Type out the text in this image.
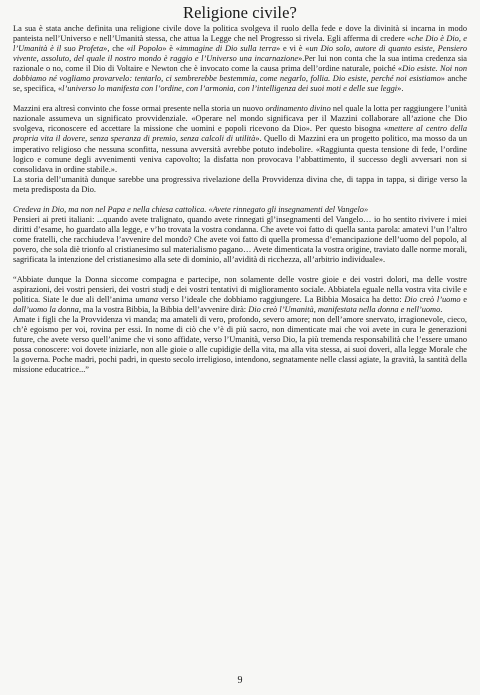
Religione civile?

La sua è stata anche definita una religione civile dove la politica svolgeva il ruolo della fede e dove la divinità si incarna in modo panteista nell’Universo e nell’Umanità stessa, che attua la Legge che nel Progresso si rivela. Egli afferma di credere «che Dio è Dio, e l’Umanità è il suo Profeta», che «il Popolo» è «immagine di Dio sulla terra» e vi è «un Dio solo, autore di quanto esiste, Pensiero vivente, assoluto, del quale il nostro mondo è raggio e l’Universo una incarnazione».Per lui non conta che la sua intima credenza sia razionale o no, come il Dio di Voltaire e Newton che è invocato come la causa prima dell’ordine naturale, poiché «Dio esiste. Noi non dobbiamo né vogliamo provarvelo: tentarlo, ci sembrerebbe bestemmia, come negarlo, follia. Dio esiste, perché noi esistiamo» anche se, specifica, «l’universo lo manifesta con l’ordine, con l’armonia, con l’intelligenza dei suoi moti e delle sue leggi».

Mazzini era altresì convinto che fosse ormai presente nella storia un nuovo ordinamento divino nel quale la lotta per raggiungere l’unità nazionale assumeva un significato provvidenziale. «Operare nel mondo significava per il Mazzini collaborare all’azione che Dio svolgeva, riconoscere ed accettare la missione che uomini e popoli ricevono da Dio». Per questo bisogna «mettere al centro della propria vita il dovere, senza speranza di premio, senza calcoli di utilità». Quello di Mazzini era un progetto politico, ma mosso da un imperativo religioso che nessuna sconfitta, nessuna avversità avrebbe potuto indebolire. «Raggiunta questa tensione di fede, l’ordine logico e comune degli avvenimenti veniva capovolto; la disfatta non provocava l’abbattimento, il successo degli avversari non si consolidava in ordine stabile.».

La storia dell’umanità dunque sarebbe una progressiva rivelazione della Provvidenza divina che, di tappa in tappa, si dirige verso la meta predisposta da Dio.

Credeva in Dio, ma non nel Papa e nella chiesa cattolica. «Avete rinnegato gli insegnamenti del Vangelo»

Pensieri ai preti italiani: ...quando avete tralignato, quando avete rinnegati gl’insegnamenti del Vangelo… io ho sentito rivivere i miei diritti d’esame, ho guardato alla legge, e v’ho trovata la vostra condanna. Che avete voi fatto di quella santa parola: amatevi l’un l’altro come fratelli, che racchiudeva l’avvenire del mondo? Che avete voi fatto di quella promessa d’emancipazione dell’uomo del popolo, al povero, che sola diè trionfo al cristianesimo sul materialismo pagano… Avete dimenticata la vostra origine, traviato dalle norme morali, sagrificata la intenzione del cristianesimo alla sete di dominio, all’avidità di ricchezza, all’arbitrio individuale».

“Abbiate dunque la Donna siccome compagna e partecipe, non solamente delle vostre gioie e dei vostri dolori, ma delle vostre aspirazioni, dei vostri pensieri, dei vostri studj e dei vostri tentativi di miglioramento sociale. Abbiatela eguale nella vostra vita civile e politica. Siate le due ali dell’anima umana verso l’ideale che dobbiamo raggiungere. La Bibbia Mosaica ha detto: Dio creò l’uomo e dall’uomo la donna, ma la vostra Bibbia, la Bibbia dell’avvenire dirà: Dio creò l’Umanità, manifestata nella donna e nell’uomo.

Amate i figli che la Provvidenza vi manda; ma amateli di vero, profondo, severo amore; non dell’amore snervato, irragionevole, cieco, ch’è egoismo per voi, rovina per essi. In nome di ciò che v’è di più sacro, non dimenticate mai che voi avete in cura le generazioni future, che avete verso quell’anime che vi sono affidate, verso l’Umanità, verso Dio, la più tremenda responsabilità che l’essere umano possa conoscere: voi dovete iniziarle, non alle gioie o alle cupidigie della vita, ma alla vita stessa, ai suoi doveri, alla legge Morale che la governa. Poche madri, pochi padri, in questo secolo irreligioso, intendono, segnatamente nelle classi agiate, la gravità, la santità della missione educatrice...”

9
